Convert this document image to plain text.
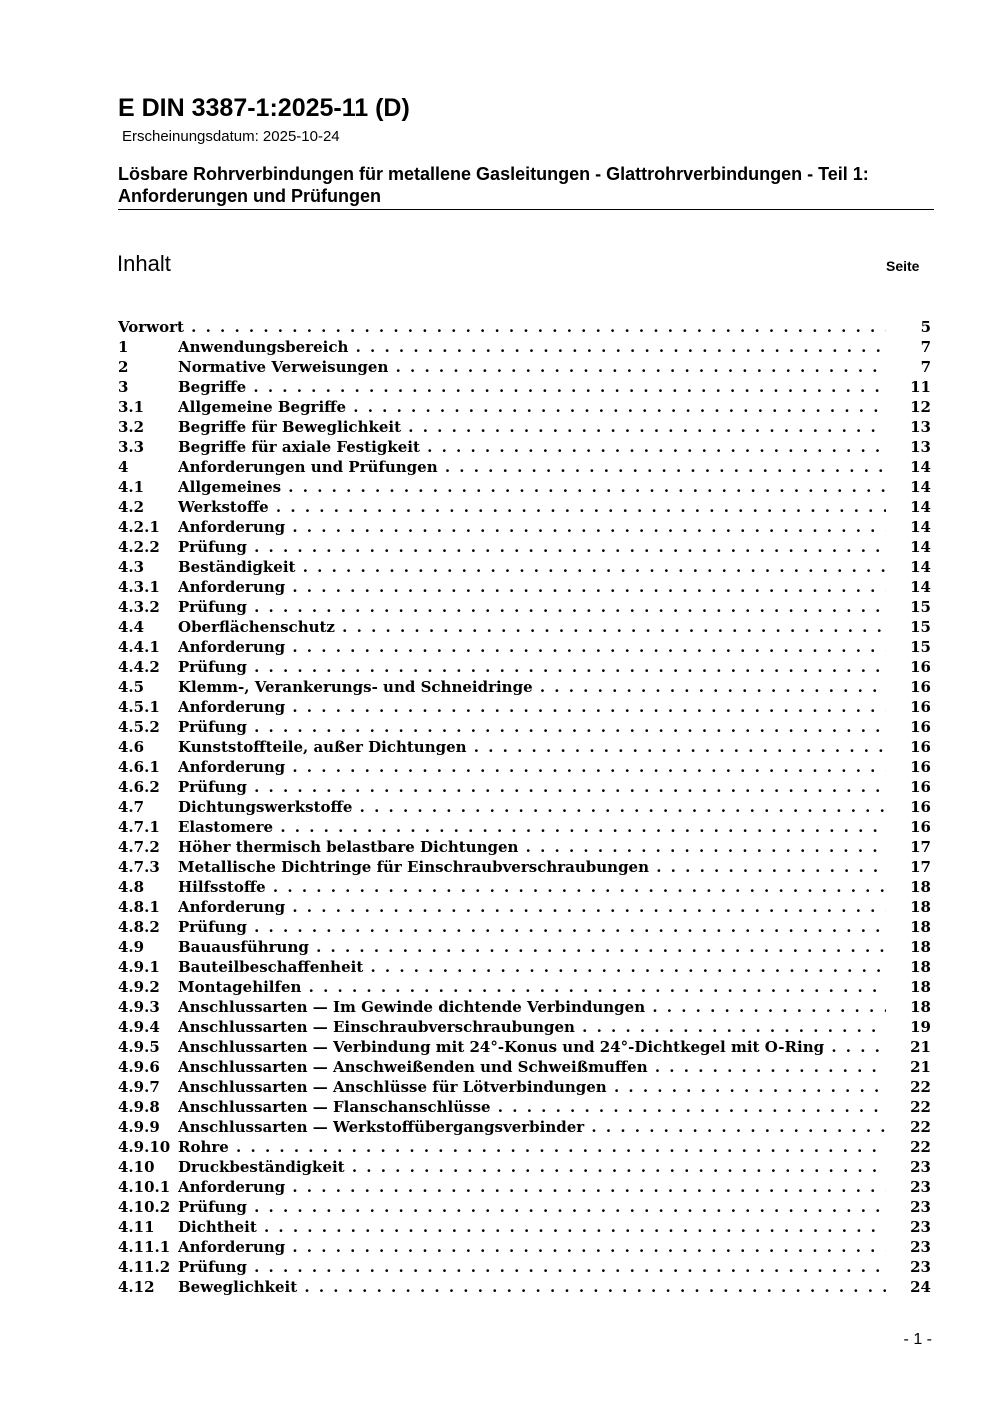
E DIN 3387-1:2025-11 (D)
Erscheinungsdatum: 2025-10-24
Lösbare Rohrverbindungen für metallene Gasleitungen - Glattrohrverbindungen - Teil 1: Anforderungen und Prüfungen
Inhalt	Seite
Vorwort . . .	5
1	Anwendungsbereich . . .	7
2	Normative Verweisungen . . .	7
3	Begriffe . . .	11
3.1 Allgemeine Begriffe . . .	12
3.2 Begriffe für Beweglichkeit . . .	13
3.3 Begriffe für axiale Festigkeit . . .	13
4	Anforderungen und Prüfungen . . .	14
4.1 Allgemeines . . .	14
4.2 Werkstoffe . . .	14
4.2.1 Anforderung . . .	14
4.2.2 Prüfung . . .	14
4.3 Beständigkeit . . .	14
4.3.1 Anforderung . . .	14
4.3.2 Prüfung . . .	15
4.4 Oberflächenschutz . . .	15
4.4.1 Anforderung . . .	15
4.4.2 Prüfung . . .	16
4.5 Klemm-, Verankerungs- und Schneidringe . . .	16
4.5.1 Anforderung . . .	16
4.5.2 Prüfung . . .	16
4.6 Kunststoffteile, außer Dichtungen . . .	16
4.6.1 Anforderung . . .	16
4.6.2 Prüfung . . .	16
4.7 Dichtungswerkstoffe . . .	16
4.7.1 Elastomere . . .	16
4.7.2 Höher thermisch belastbare Dichtungen . . .	17
4.7.3 Metallische Dichtringe für Einschraubverschraubungen . . .	17
4.8 Hilfsstoffe . . .	18
4.8.1 Anforderung . . .	18
4.8.2 Prüfung . . .	18
4.9 Bauausführung . . .	18
4.9.1 Bauteilbeschaffenheit . . .	18
4.9.2 Montagehilfen . . .	18
4.9.3 Anschlussarten — Im Gewinde dichtende Verbindungen . . .	18
4.9.4 Anschlussarten — Einschraubverschraubungen . . .	19
4.9.5 Anschlussarten — Verbindung mit 24°-Konus und 24°-Dichtkegel mit O-Ring . . .	21
4.9.6 Anschlussarten — Anschweißenden und Schweißmuffen . . .	21
4.9.7 Anschlussarten — Anschlüsse für Lötverbindungen . . .	22
4.9.8 Anschlussarten — Flanschanschlüsse . . .	22
4.9.9 Anschlussarten — Werkstoffübergangsverbinder . . .	22
4.9.10 Rohre . . .	22
4.10 Druckbeständigkeit . . .	23
4.10.1 Anforderung . . .	23
4.10.2 Prüfung . . .	23
4.11 Dichtheit . . .	23
4.11.1 Anforderung . . .	23
4.11.2 Prüfung . . .	23
4.12 Beweglichkeit . . .	24
- 1 -
